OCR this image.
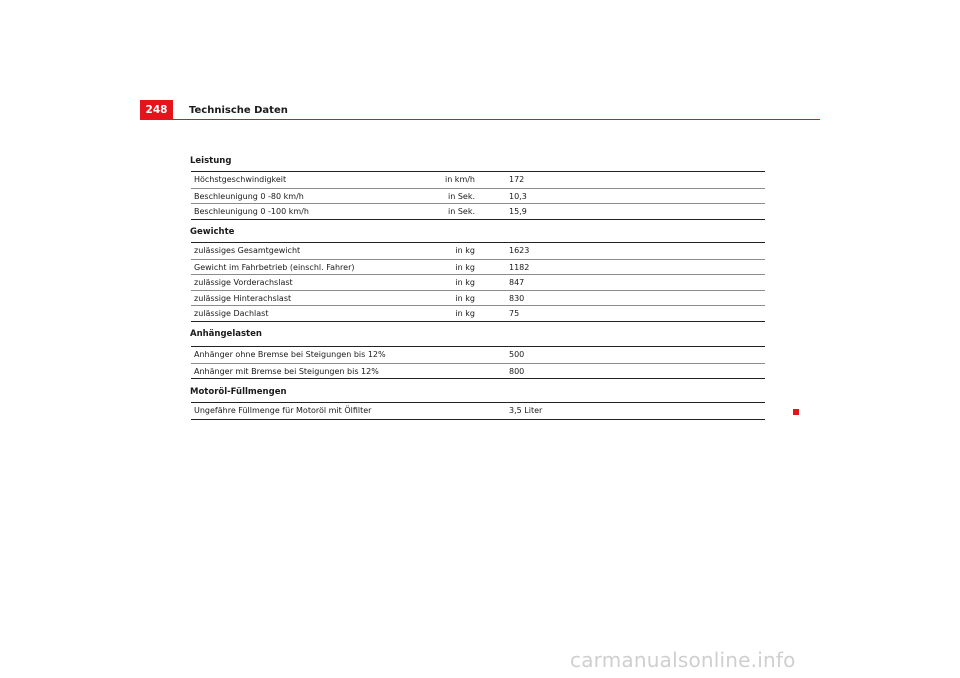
248	Technische Daten
Leistung
Höchstgeschwindigkeit	in km/h	172
Beschleunigung 0 -80 km/h	in Sek.	10,3
Beschleunigung 0 -100 km/h	in Sek.	15,9
Gewichte
zulässiges Gesamtgewicht	in kg	1623
Gewicht im Fahrbetrieb (einschl. Fahrer)	in kg	1182
zulässige Vorderachslast	in kg	847
zulässige Hinterachslast	in kg	830
zulässige Dachlast	in kg	75
Anhängelasten
Anhänger ohne Bremse bei Steigungen bis 12%	500
Anhänger mit Bremse bei Steigungen bis 12%	800
Motoröl-Füllmengen
Ungefähre Füllmenge für Motoröl mit Ölfilter	3,5 Liter
carmanualsonline.info
